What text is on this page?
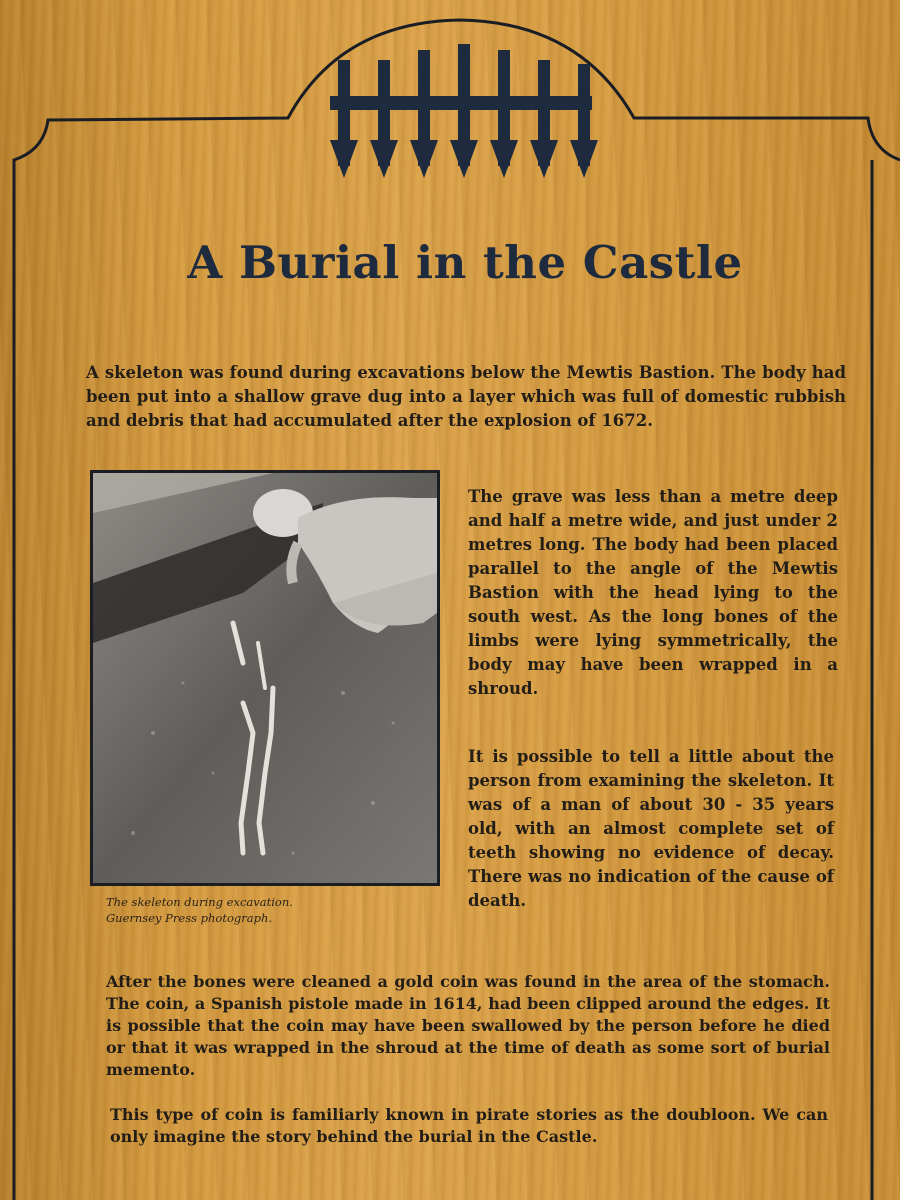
A Burial in the Castle

A skeleton was found during excavations below the Mewtis Bastion. The body had been put into a shallow grave dug into a layer which was full of domestic rubbish and debris that had accumulated after the explosion of 1672.

The skeleton during excavation.
Guernsey Press photograph.

The grave was less than a metre deep and half a metre wide, and just under 2 metres long. The body had been placed parallel to the angle of the Mewtis Bastion with the head lying to the south west. As the long bones of the limbs were lying symmetrically, the body may have been wrapped in a shroud.

It is possible to tell a little about the person from examining the skeleton. It was of a man of about 30 - 35 years old, with an almost complete set of teeth showing no evidence of decay. There was no indication of the cause of death.

After the bones were cleaned a gold coin was found in the area of the stomach. The coin, a Spanish pistole made in 1614, had been clipped around the edges. It is possible that the coin may have been swallowed by the person before he died or that it was wrapped in the shroud at the time of death as some sort of burial memento.

This type of coin is familiarly known in pirate stories as the doubloon. We can only imagine the story behind the burial in the Castle.
